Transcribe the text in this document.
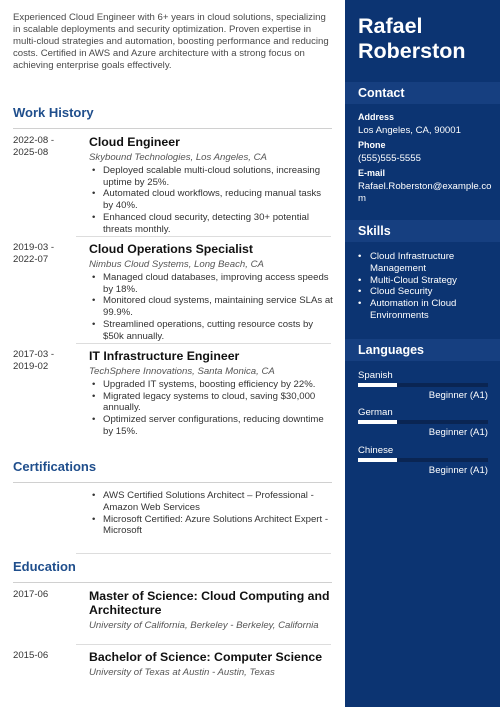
Experienced Cloud Engineer with 6+ years in cloud solutions, specializing in scalable deployments and security optimization. Proven expertise in multi-cloud strategies and automation, boosting performance and reducing costs. Certified in AWS and Azure architecture with a strong focus on achieving enterprise goals effectively.

Work History
2022-08 - 2025-08
Cloud Engineer
Skybound Technologies, Los Angeles, CA
• Deployed scalable multi-cloud solutions, increasing uptime by 25%.
• Automated cloud workflows, reducing manual tasks by 40%.
• Enhanced cloud security, detecting 30+ potential threats monthly.
2019-03 - 2022-07
Cloud Operations Specialist
Nimbus Cloud Systems, Long Beach, CA
• Managed cloud databases, improving access speeds by 18%.
• Monitored cloud systems, maintaining service SLAs at 99.9%.
• Streamlined operations, cutting resource costs by $50k annually.
2017-03 - 2019-02
IT Infrastructure Engineer
TechSphere Innovations, Santa Monica, CA
• Upgraded IT systems, boosting efficiency by 22%.
• Migrated legacy systems to cloud, saving $30,000 annually.
• Optimized server configurations, reducing downtime by 15%.
Certifications
• AWS Certified Solutions Architect – Professional - Amazon Web Services
• Microsoft Certified: Azure Solutions Architect Expert - Microsoft
Education
2017-06	Master of Science: Cloud Computing and Architecture
University of California, Berkeley - Berkeley, California
2015-06	Bachelor of Science: Computer Science
University of Texas at Austin - Austin, Texas
Rafael Roberston
Contact
Address
Los Angeles, CA, 90001
Phone
(555)555-5555
E-mail
Rafael.Roberston@example.com
Skills
• Cloud Infrastructure Management
• Multi-Cloud Strategy
• Cloud Security
• Automation in Cloud Environments
Languages
Spanish
Beginner (A1)
German
Beginner (A1)
Chinese
Beginner (A1)
